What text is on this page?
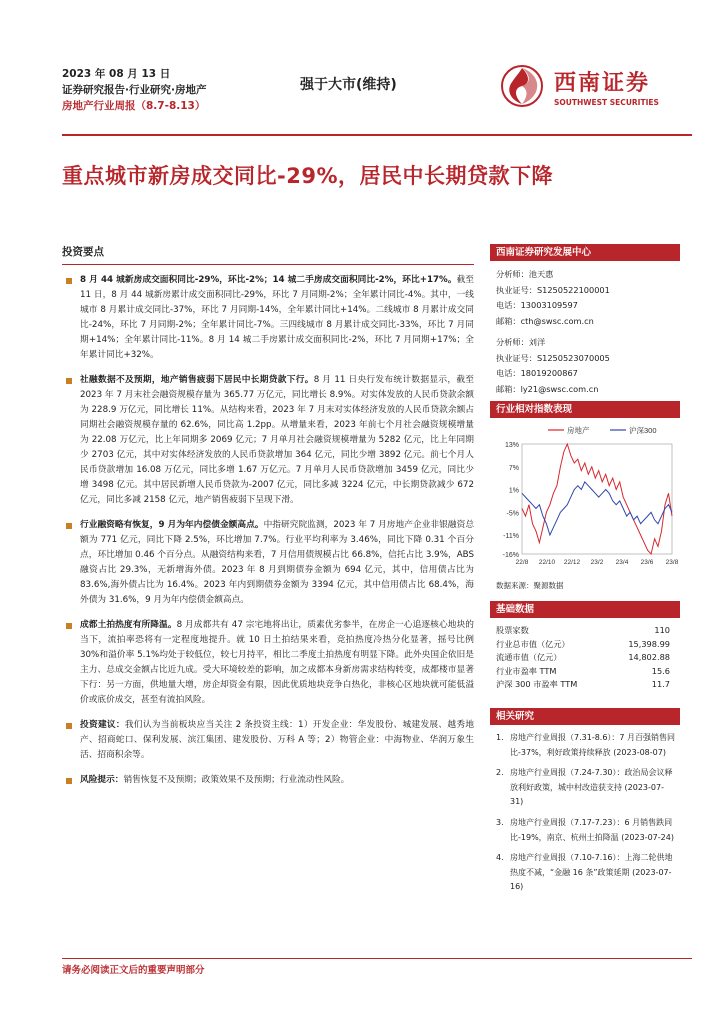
2023 年 08 月 13 日
证券研究报告·行业研究·房地产
房地产行业周报（8.7-8.13）
强于大市(维持)	西南证券
SOUTHWEST SECURITIES
重点城市新房成交同比-29%，居民中长期贷款下降
投资要点
8 月 44 城新房成交面积同比-29%，环比-2%；14 城二手房成交面积同比-2%，环比+17%。截至 11 日，8 月 44 城新房累计成交面积同比-29%，环比 7 月同期-2%；全年累计同比-4%。其中，一线城市 8 月累计成交同比-37%，环比 7 月同期-14%，全年累计同比+14%。二线城市 8 月累计成交同比-24%，环比 7 月同期-2%；全年累计同比-7%。三四线城市 8 月累计成交同比-33%，环比 7 月同期+14%；全年累计同比-11%。8 月 14 城二手房累计成交面积同比-2%，环比 7 月同期+17%；全年累计同比+32%。
社融数据不及预期，地产销售疲弱下居民中长期贷款下行。8 月 11 日央行发布统计数据显示，截至 2023 年 7 月末社会融资规模存量为 365.77 万亿元，同比增长 8.9%。对实体发放的人民币贷款余额为 228.9 万亿元，同比增长 11%。从结构来看，2023 年 7 月末对实体经济发放的人民币贷款余额占同期社会融资规模存量的 62.6%，同比高 1.2pp。从增量来看，2023 年前七个月社会融资规模增量为 22.08 万亿元，比上年同期多 2069 亿元；7 月单月社会融资规模增量为 5282 亿元，比上年同期少 2703 亿元，其中对实体经济发放的人民币贷款增加 364 亿元，同比少增 3892 亿元。前七个月人民币贷款增加 16.08 万亿元，同比多增 1.67 万亿元。7 月单月人民币贷款增加 3459 亿元，同比少增 3498 亿元。其中居民新增人民币贷款为-2007 亿元，同比多减 3224 亿元，中长期贷款减少 672 亿元，同比多减 2158 亿元，地产销售疲弱下呈现下滑。
行业融资略有恢复，9 月为年内偿债金额高点。中指研究院监测，2023 年 7 月房地产企业非银融资总额为 771 亿元，同比下降 2.5%，环比增加 7.7%。行业平均利率为 3.46%，同比下降 0.31 个百分点，环比增加 0.46 个百分点。从融资结构来看，7 月信用债规模占比 66.8%，信托占比 3.9%，ABS 融资占比 29.3%，无新增海外债。2023 年 8 月到期债券金额为 694 亿元，其中，信用债占比为 83.6%,海外债占比为 16.4%。2023 年内到期债券金额为 3394 亿元，其中信用债占比 68.4%，海外债为 31.6%，9 月为年内偿债金额高点。
成都土拍热度有所降温。8 月成都共有 47 宗宅地将出让，质素优劣参半，在房企一心追逐核心地块的当下，流拍率恐将有一定程度地提升。就 10 日土拍结果来看，竞拍热度冷热分化显著，摇号比例 30%和溢价率 5.1%均处于较低位，较七月持平，相比二季度土拍热度有明显下降。此外央国企依旧是主力、总成交金额占比近九成。受大环境较差的影响，加之成都本身新房需求结构转变，成都楼市显著下行：另一方面，供地量大增，房企却资金有限，因此优质地块竞争白热化，非核心区地块就可能低溢价或底价成交，甚至有流拍风险。
投资建议：我们认为当前板块应当关注 2 条投资主线：1）开发企业：华发股份、城建发展、越秀地产、招商蛇口、保利发展、滨江集团、建发股份、万科 A 等；2）物管企业：中海物业、华润万象生活、招商积余等。
风险提示：销售恢复不及预期；政策效果不及预期；行业流动性风险。
西南证券研究发展中心
分析师：池天惠
执业证号：S1250522100001
电话：13003109597
邮箱：cth@swsc.com.cn
分析师：刘洋
执业证号：S1250523070005
电话：18019200867
邮箱：ly21@swsc.com.cn
行业相对指数表现
13%
7%
1%
-5%
-11%
-16%
22/8 22/10 22/12 23/2 23/4 23/6 23/8
房地产	沪深300
数据来源：聚源数据
基础数据
股票家数	110
行业总市值（亿元）	15,398.99
流通市值（亿元）	14,802.88
行业市盈率 TTM	15.6
沪深 300 市盈率 TTM	11.7
相关研究
1. 房地产行业周报（7.31-8.6）：7 月百强销售同比-37%，利好政策持续释放 (2023-08-07)
2. 房地产行业周报（7.24-7.30）：政治局会议释放利好政策，城中村改造获支持 (2023-07-31)
3. 房地产行业周报（7.17-7.23）：6 月销售跌同比-19%，南京、杭州土拍降温 (2023-07-24)
4. 房地产行业周报（7.10-7.16）：上海二轮供地热度不减，“金融 16 条”政策延期 (2023-07-16)
请务必阅读正文后的重要声明部分
